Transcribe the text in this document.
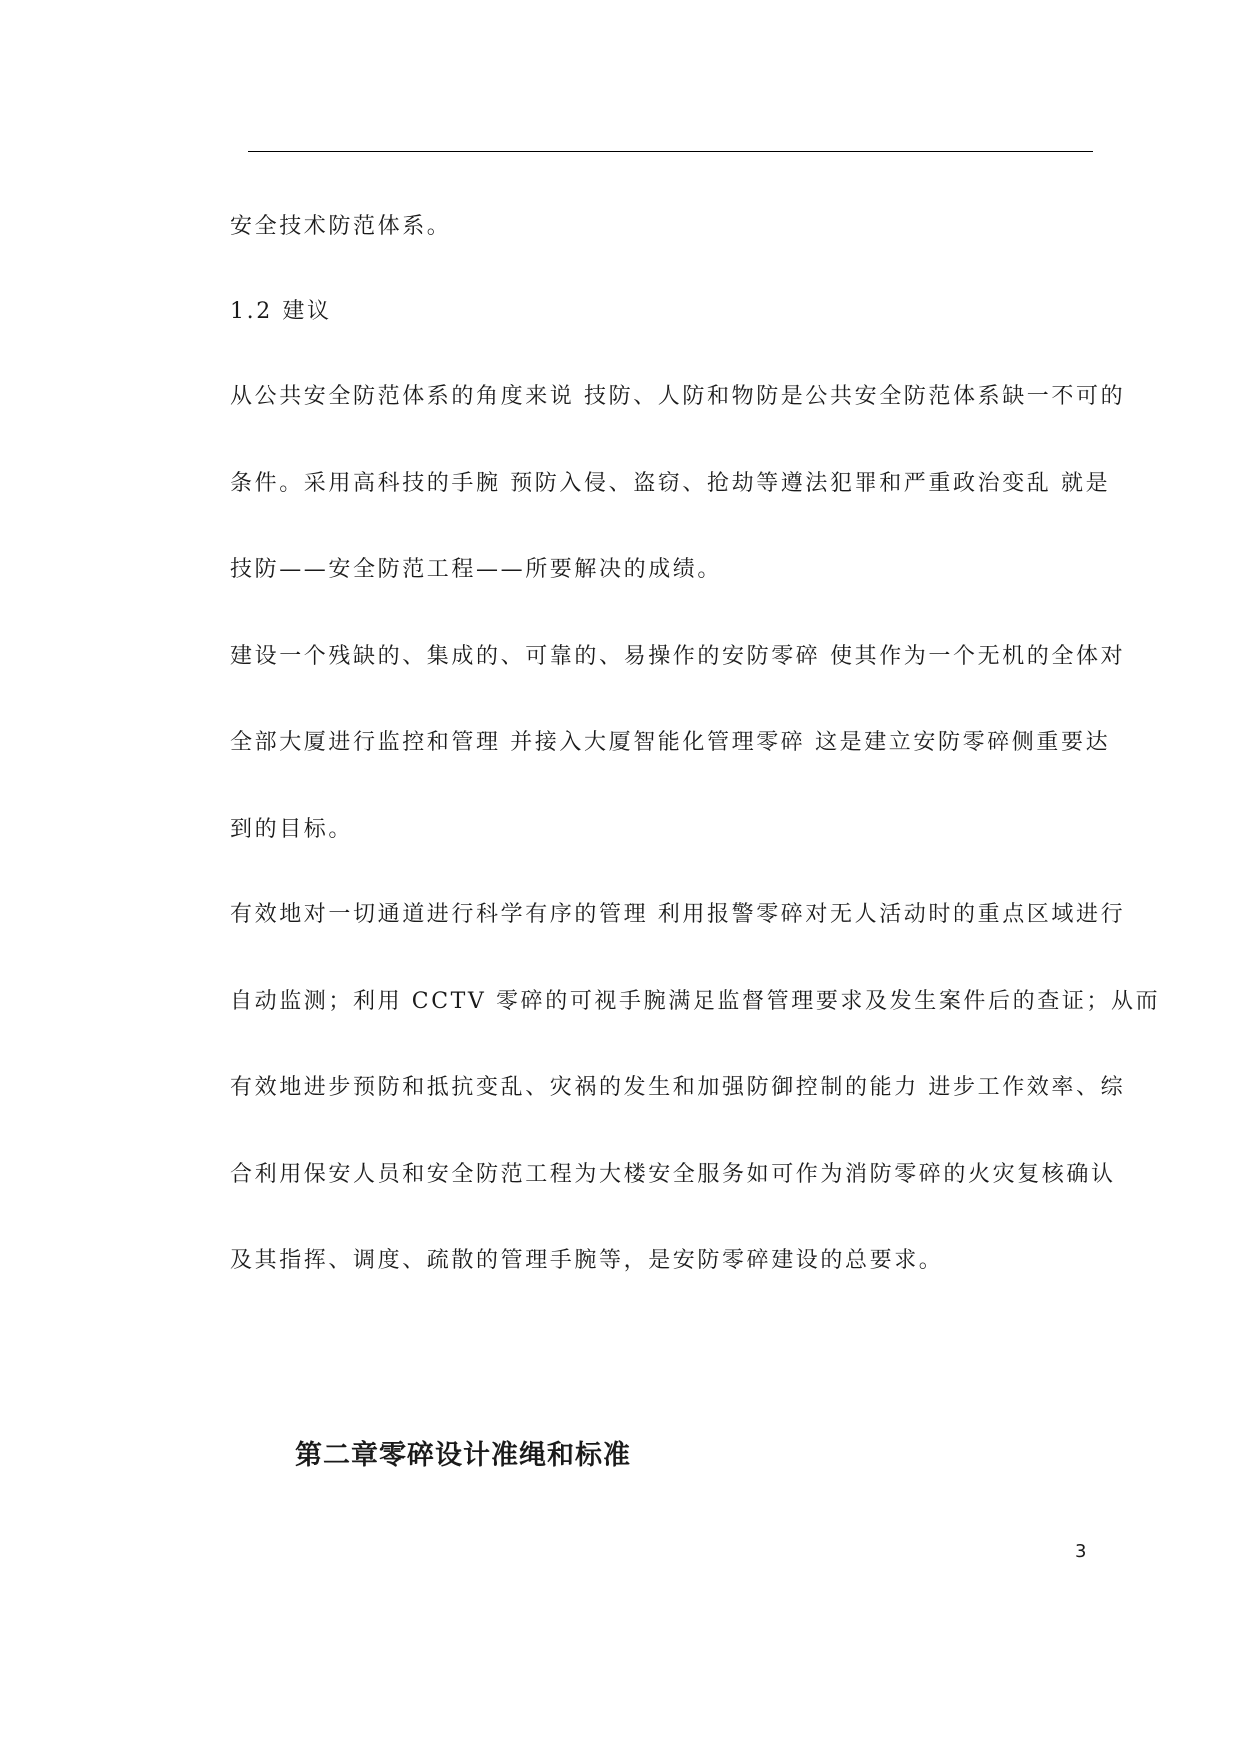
安全技术防范体系。
1.2 建议
从公共安全防范体系的角度来说 技防、人防和物防是公共安全防范体系缺一不可的
条件。采用高科技的手腕 预防入侵、盗窃、抢劫等遵法犯罪和严重政治变乱 就是
技防——安全防范工程——所要解决的成绩。
建设一个残缺的、集成的、可靠的、易操作的安防零碎 使其作为一个无机的全体对
全部大厦进行监控和管理 并接入大厦智能化管理零碎 这是建立安防零碎侧重要达
到的目标。
有效地对一切通道进行科学有序的管理 利用报警零碎对无人活动时的重点区域进行
自动监测；利用 CCTV 零碎的可视手腕满足监督管理要求及发生案件后的查证；从而
有效地进步预防和抵抗变乱、灾祸的发生和加强防御控制的能力 进步工作效率、综
合利用保安人员和安全防范工程为大楼安全服务如可作为消防零碎的火灾复核确认
及其指挥、调度、疏散的管理手腕等，是安防零碎建设的总要求。
第二章零碎设计准绳和标准
3
